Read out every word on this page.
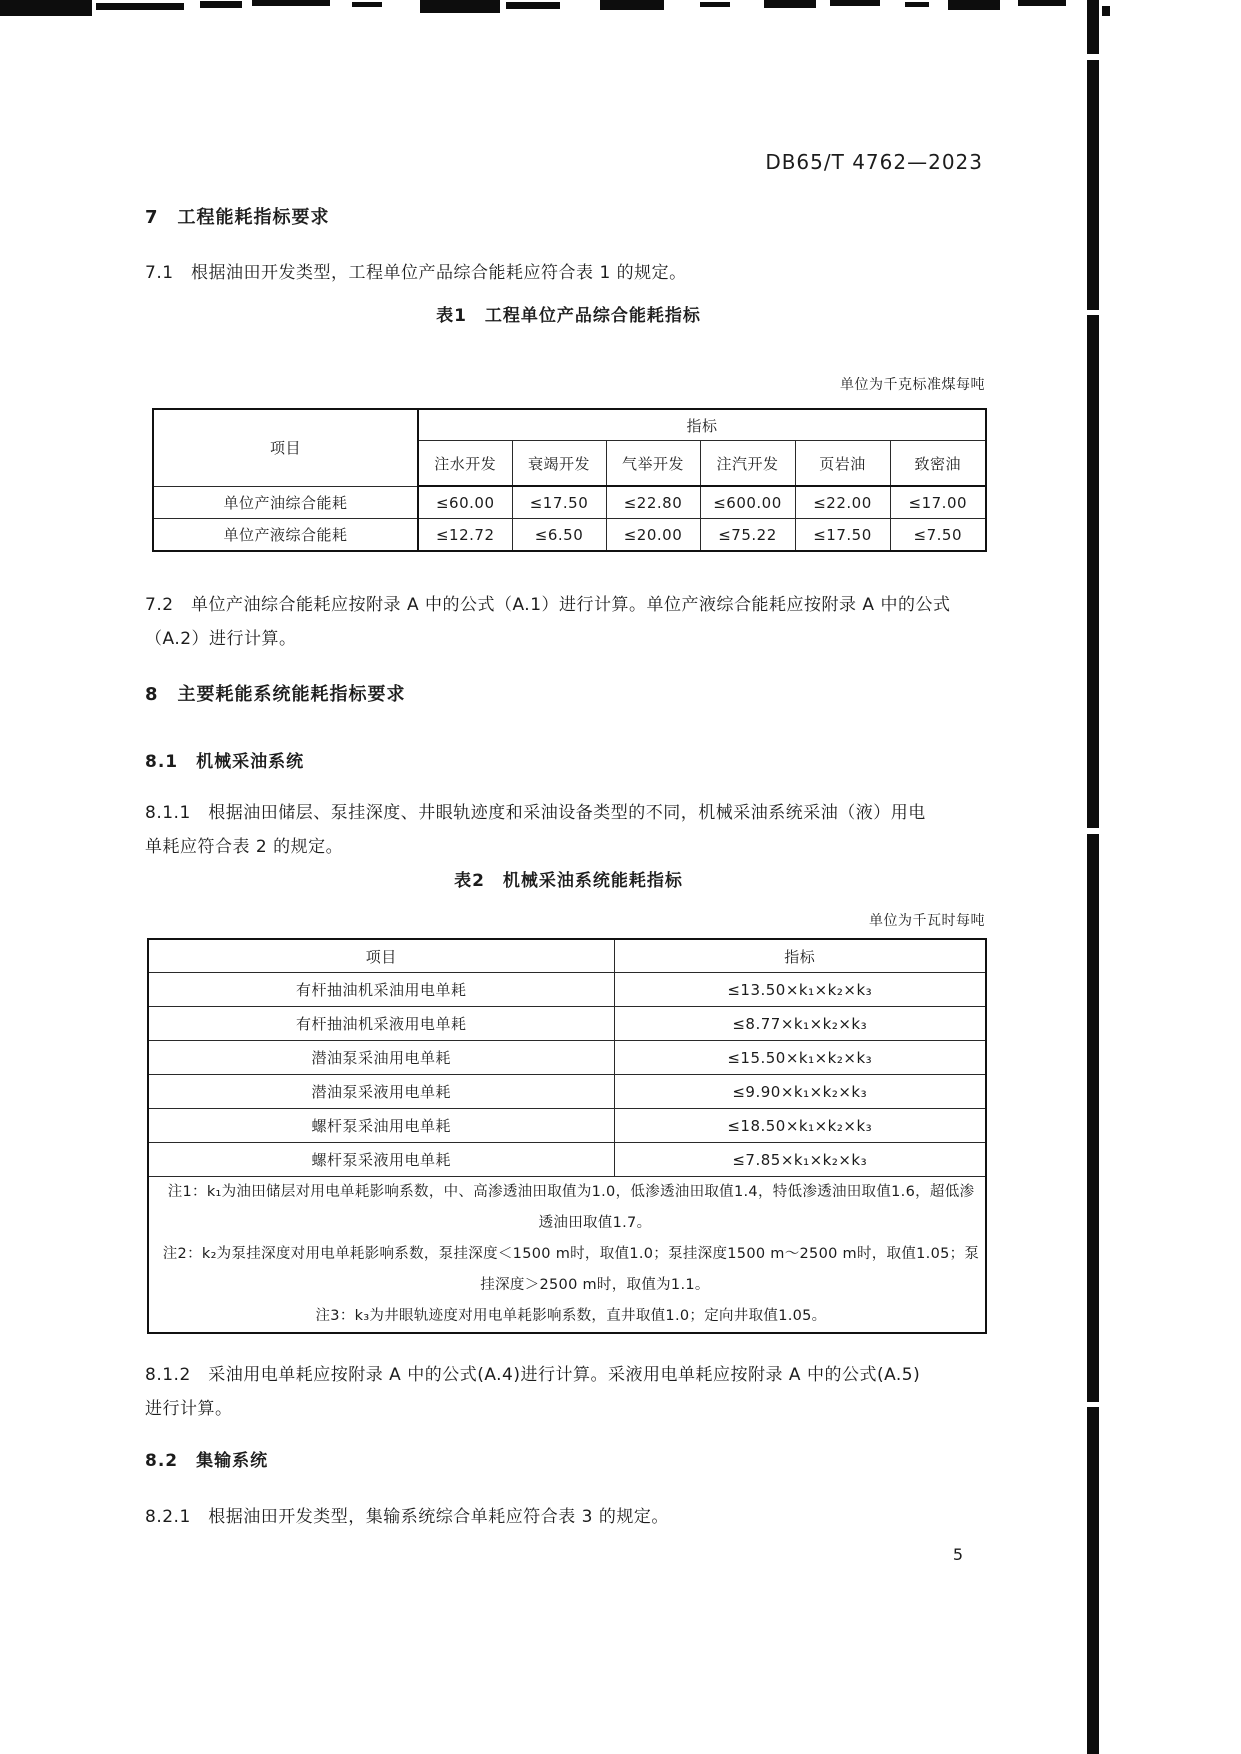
DB65/T 4762—2023
7　工程能耗指标要求
7.1　根据油田开发类型，工程单位产品综合能耗应符合表 1 的规定。
表1　工程单位产品综合能耗指标
单位为千克标准煤每吨
项目	指标					
	注水开发	衰竭开发	气举开发	注汽开发	页岩油	致密油
单位产油综合能耗	≤60.00	≤17.50	≤22.80	≤600.00	≤22.00	≤17.00
单位产液综合能耗	≤12.72	≤6.50	≤20.00	≤75.22	≤17.50	≤7.50
7.2　单位产油综合能耗应按附录 A 中的公式（A.1）进行计算。单位产液综合能耗应按附录 A 中的公式
（A.2）进行计算。
8　主要耗能系统能耗指标要求
8.1　机械采油系统
8.1.1　根据油田储层、泵挂深度、井眼轨迹度和采油设备类型的不同，机械采油系统采油（液）用电
单耗应符合表 2 的规定。
表2　机械采油系统能耗指标
单位为千瓦时每吨
项目	指标
有杆抽油机采油用电单耗	≤13.50×k₁×k₂×k₃
有杆抽油机采液用电单耗	≤8.77×k₁×k₂×k₃
潜油泵采油用电单耗	≤15.50×k₁×k₂×k₃
潜油泵采液用电单耗	≤9.90×k₁×k₂×k₃
螺杆泵采油用电单耗	≤18.50×k₁×k₂×k₃
螺杆泵采液用电单耗	≤7.85×k₁×k₂×k₃

注1：k₁为油田储层对用电单耗影响系数，中、高渗透油田取值为1.0，低渗透油田取值1.4，特低渗透油田取值1.6，超低渗透油田取值1.7。
注2：k₂为泵挂深度对用电单耗影响系数，泵挂深度＜1500 m时，取值1.0；泵挂深度1500 m～2500 m时，取值1.05；泵挂深度＞2500 m时，取值为1.1。
注3：k₃为井眼轨迹度对用电单耗影响系数，直井取值1.0；定向井取值1.05。	
8.1.2　采油用电单耗应按附录 A 中的公式(A.4)进行计算。采液用电单耗应按附录 A 中的公式(A.5)
进行计算。
8.2　集输系统
8.2.1　根据油田开发类型，集输系统综合单耗应符合表 3 的规定。
5
